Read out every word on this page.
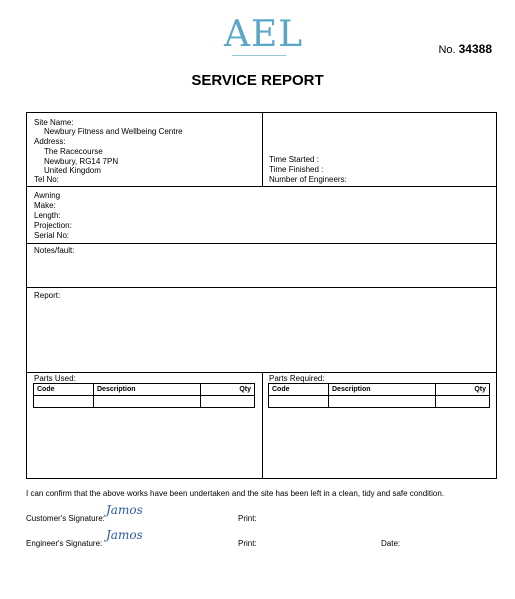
AEL	No. 34388
SERVICE REPORT
Site Name:
Newbury Fitness and Wellbeing Centre
Address:
The Racecourse
Newbury, RG14 7PN
United Kingdom
Tel No:
Time Started :
Time Finished :
Number of Engineers:
Awning
Make:
Length:
Projection:
Serial No:
Notes/fault:
Report:
Parts Used:
Code	Description	Qty

Parts Required:
Code	Description	Qty

I can confirm that the above works have been undertaken and the site has been left in a clean, tidy and safe condition.
Customer's Signature:
Jamos
Print:
Engineer's Signature:
Jamos
Print:	Date:
